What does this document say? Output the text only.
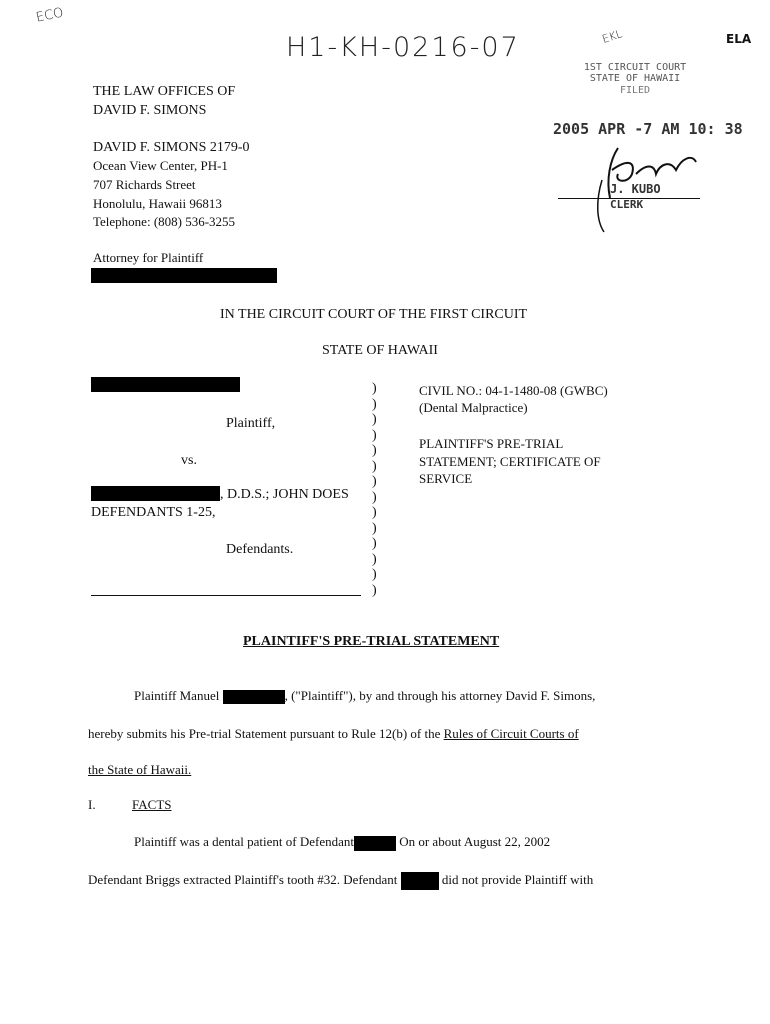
ECO
H1-KH-0216-07	EKL	ELA
1ST CIRCUIT COURT
STATE OF HAWAII
FILED
2005 APR -7 AM 10: 38
J. KUBO
CLERK
THE LAW OFFICES OF
DAVID F. SIMONS
DAVID F. SIMONS 2179-0
Ocean View Center, PH-1
707 Richards Street
Honolulu, Hawaii 96813
Telephone: (808) 536-3255
Attorney for Plaintiff
IN THE CIRCUIT COURT OF THE FIRST CIRCUIT
STATE OF HAWAII
Plaintiff,
vs.
, D.D.S.; JOHN DOES
DEFENDANTS 1-25,
Defendants.
)
)
)
)
)
)
)
)
)
)
)
)
)
)
CIVIL NO.: 04-1-1480-08 (GWBC)
(Dental Malpractice)
PLAINTIFF'S PRE-TRIAL
STATEMENT; CERTIFICATE OF
SERVICE
PLAINTIFF'S PRE-TRIAL STATEMENT
Plaintiff Manuel	, ("Plaintiff"), by and through his attorney David F. Simons,
hereby submits his Pre-trial Statement pursuant to Rule 12(b) of the Rules of Circuit Courts of
the State of Hawaii.
I.	FACTS
Plaintiff was a dental patient of Defendant	On or about August 22, 2002
Defendant Briggs extracted Plaintiff's tooth #32. Defendant	did not provide Plaintiff with
